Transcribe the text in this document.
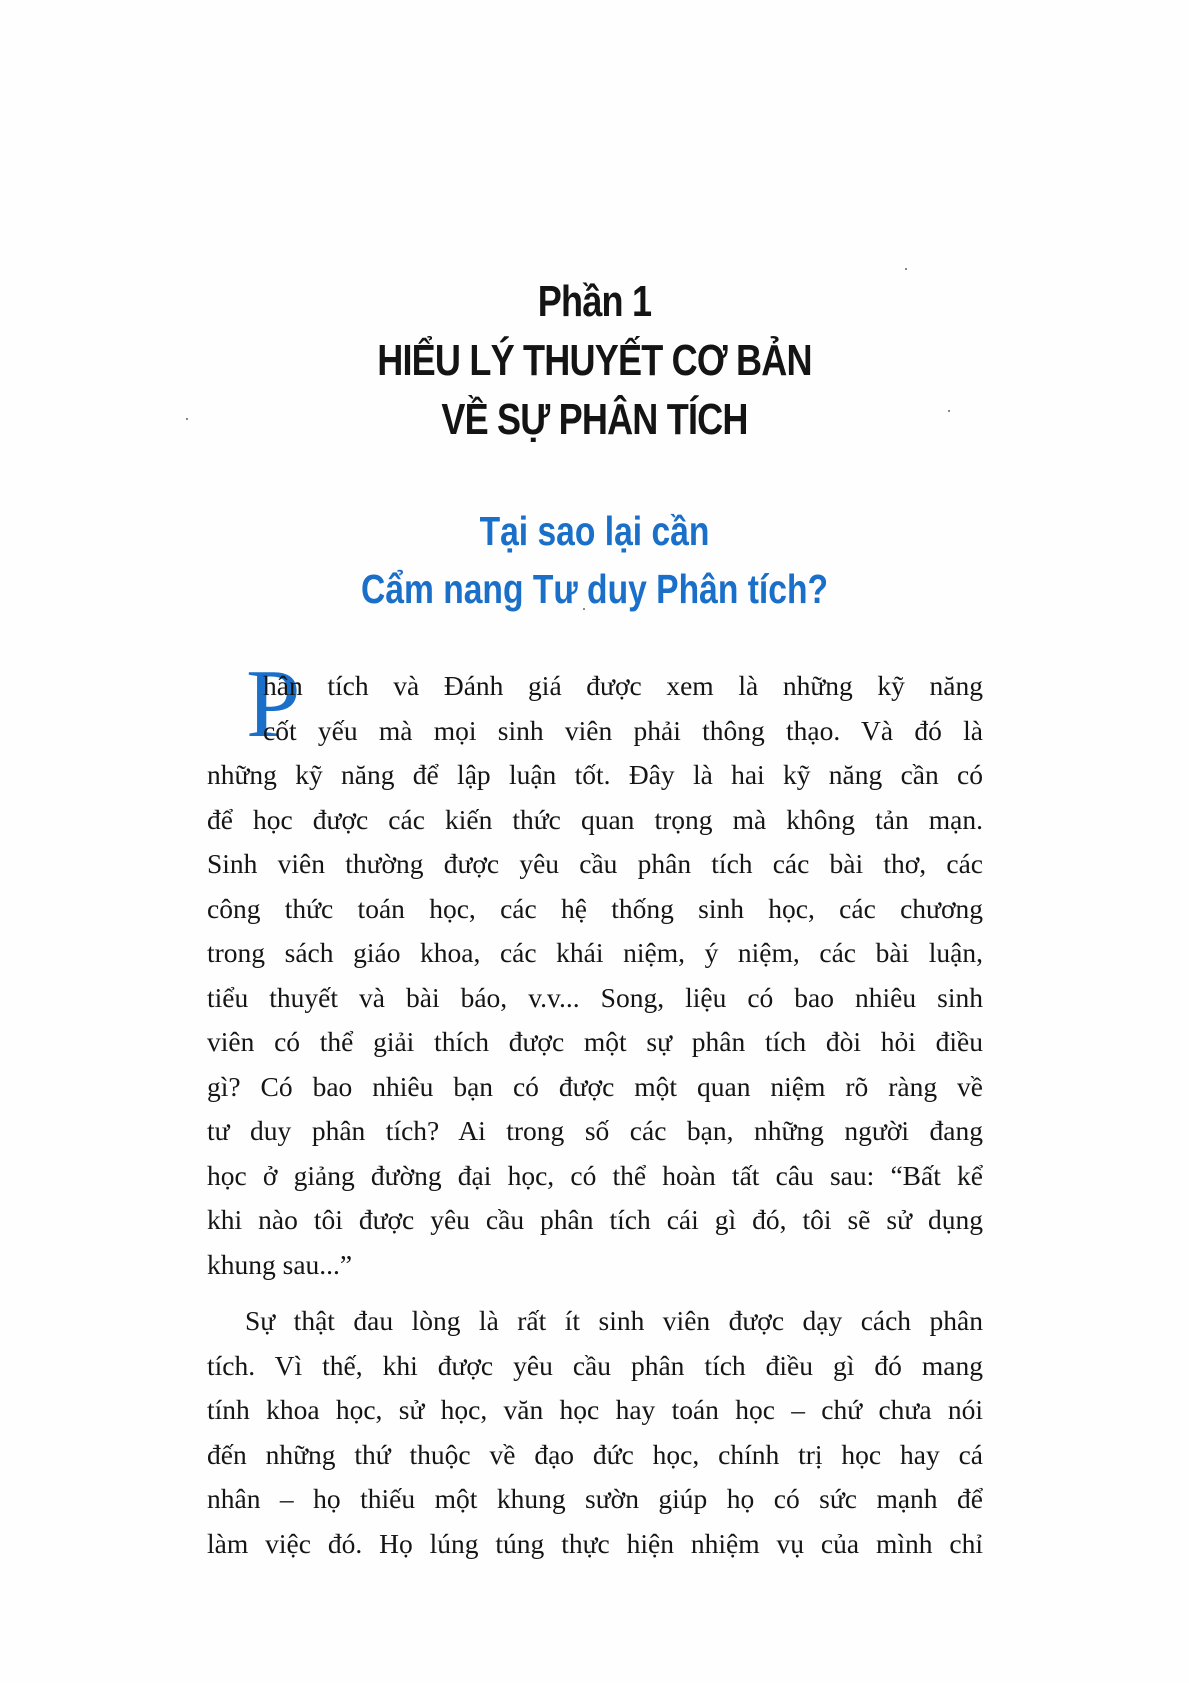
Phần 1
HIỂU LÝ THUYẾT CƠ BẢN
VỀ SỰ PHÂN TÍCH
Tại sao lại cần
Cẩm nang Tư duy Phân tích?
P

hân tích và Đánh giá được xem là những kỹ năng
cốt yếu mà mọi sinh viên phải thông thạo. Và đó là
những kỹ năng để lập luận tốt. Đây là hai kỹ năng cần có
để học được các kiến thức quan trọng mà không tản mạn.
Sinh viên thường được yêu cầu phân tích các bài thơ, các
công thức toán học, các hệ thống sinh học, các chương
trong sách giáo khoa, các khái niệm, ý niệm, các bài luận,
tiểu thuyết và bài báo, v.v... Song, liệu có bao nhiêu sinh
viên có thể giải thích được một sự phân tích đòi hỏi điều
gì? Có bao nhiêu bạn có được một quan niệm rõ ràng về
tư duy phân tích? Ai trong số các bạn, những người đang
học ở giảng đường đại học, có thể hoàn tất câu sau: “Bất kể
khi nào tôi được yêu cầu phân tích cái gì đó, tôi sẽ sử dụng
khung sau...”

Sự thật đau lòng là rất ít sinh viên được dạy cách phân
tích. Vì thế, khi được yêu cầu phân tích điều gì đó mang
tính khoa học, sử học, văn học hay toán học – chứ chưa nói
đến những thứ thuộc về đạo đức học, chính trị học hay cá
nhân – họ thiếu một khung sườn giúp họ có sức mạnh để
làm việc đó. Họ lúng túng thực hiện nhiệm vụ của mình chỉ
